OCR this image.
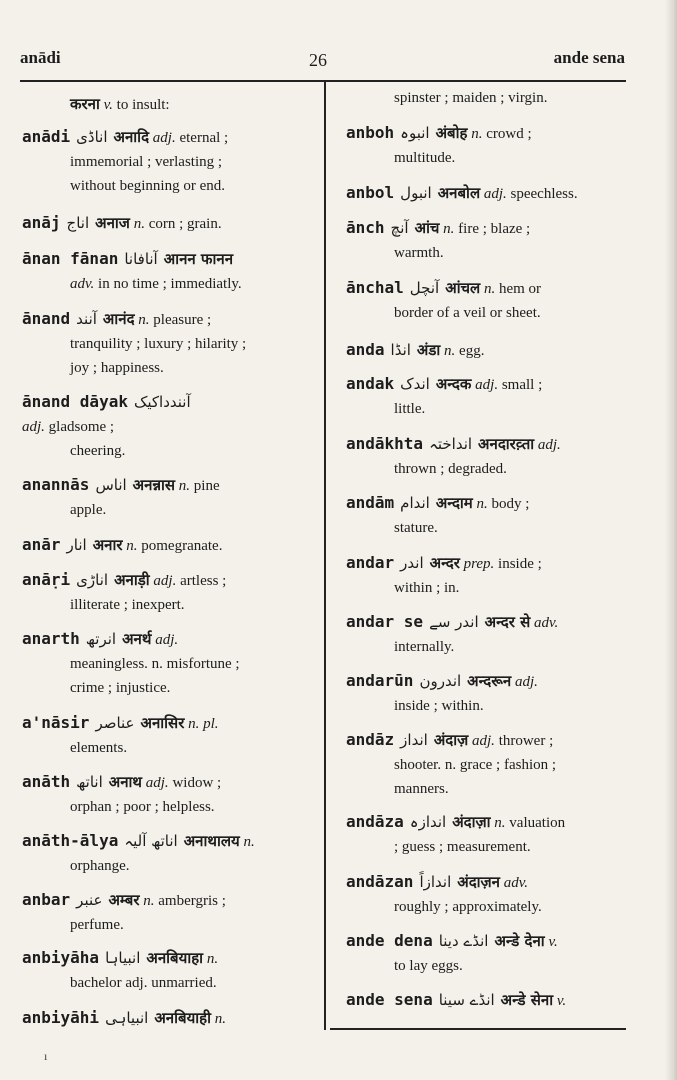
anādi	26	ande sena
करना v. to insult:
anādi اناڈی अनादि adj. eternal ;
immemorial ; verlasting ;
without beginning or end.
anāj اناج अनाज n. corn ; grain.
ānan fānan آنافانا आनन फानन
adv. in no time ; immediatly.
ānand آنند आनंद n. pleasure ;
tranquility ; luxury ; hilarity ;
joy ; happiness.
ānand dāyak آنندداکیک
adj. gladsome ;
cheering.
anannās اناس अनन्नास n. pine
apple.
anār انار अनार n. pomegranate.
anāṛi اناڑی अनाड़ी adj. artless ;
illiterate ; inexpert.
anarth انرتھ अनर्थ adj.
meaningless. n. misfortune ;
crime ; injustice.
a'nāsir عناصر अनासिर n. pl.
elements.
anāth اناتھ अनाथ adj. widow ;
orphan ; poor ; helpless.
anāth-ālya اناتھ آلیہ अनाथालय n.
orphange.
anbar عنبر अम्बर n. ambergris ;
perfume.
anbiyāha انبیاہا अनबियाहा n.
bachelor adj. unmarried.
anbiyāhi انبیاہی अनबियाही n.
spinster ; maiden ; virgin.
anboh انبوہ अंबोह n. crowd ;
multitude.
anbol انبول अनबोल adj. speechless.
ānch آنچ आंच n. fire ; blaze ;
warmth.
ānchal آنچل आंचल n. hem or
border of a veil or sheet.
anda انڈا अंडा n. egg.
andak اندک अन्दक adj. small ;
little.
andākhta انداختہ अनदारव़्ता adj.
thrown ; degraded.
andām اندام अन्दाम n. body ;
stature.
andar اندر अन्दर prep. inside ;
within ; in.
andar se اندر سے अन्दर से adv.
internally.
andarūn اندرون अन्दरून adj.
inside ; within.
andāz انداز अंदाज़ adj. thrower ;
shooter. n. grace ; fashion ;
manners.
andāza اندازہ अंदाज़ा n. valuation
; guess ; measurement.
andāzan اندازاً अंदाज़न adv.
roughly ; approximately.
ande dena انڈے دینا अन्डे देना v.
to lay eggs.
ande sena انڈے سینا अन्डे सेना v.
ı
